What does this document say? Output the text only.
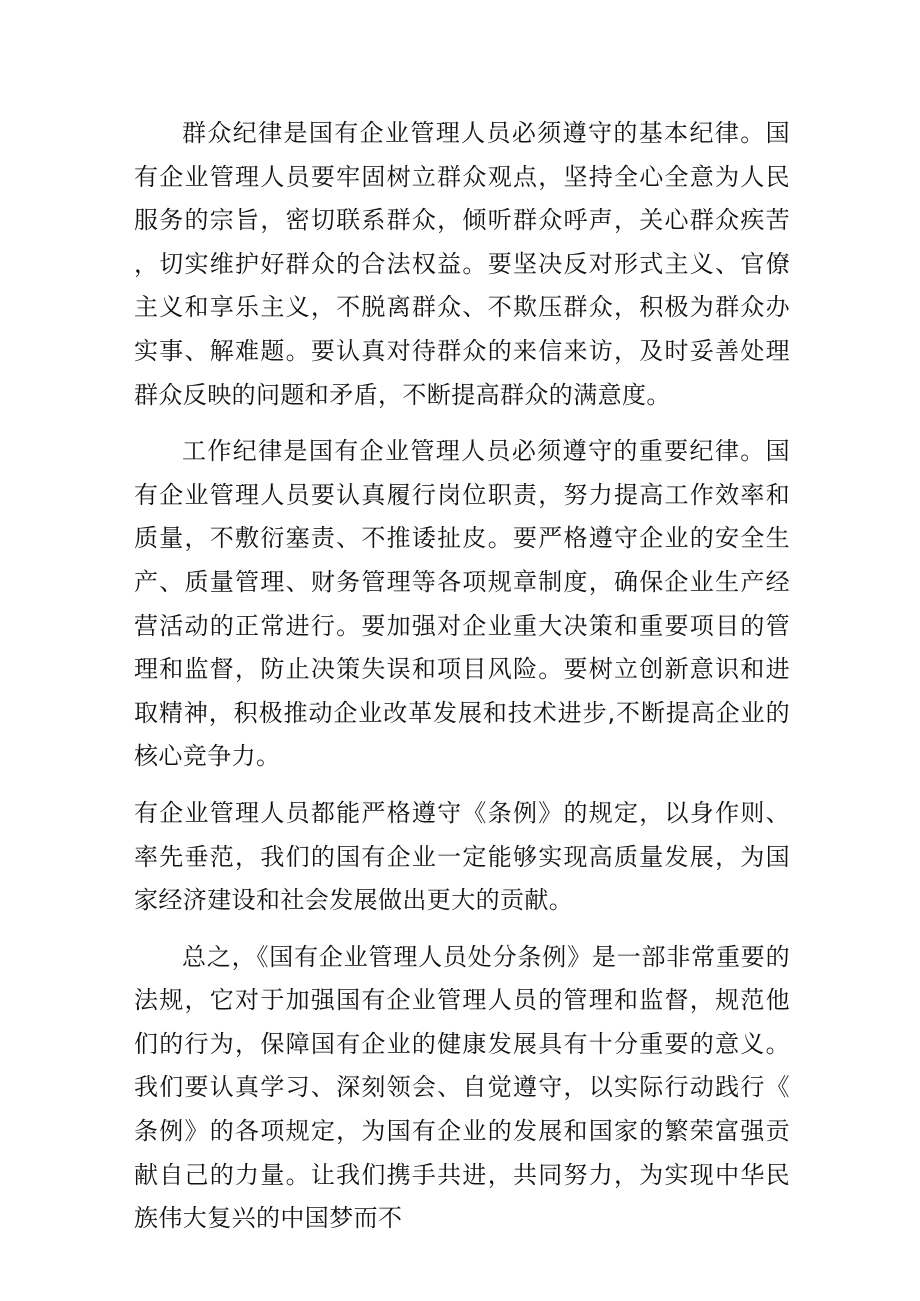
群众纪律是国有企业管理人员必须遵守的基本纪律。国有企业管理人员要牢固树立群众观点，坚持全心全意为人民服务的宗旨，密切联系群众，倾听群众呼声，关心群众疾苦，切实维护好群众的合法权益。要坚决反对形式主义、官僚主义和享乐主义，不脱离群众、不欺压群众，积极为群众办实事、解难题。要认真对待群众的来信来访，及时妥善处理群众反映的问题和矛盾，不断提高群众的满意度。

工作纪律是国有企业管理人员必须遵守的重要纪律。国有企业管理人员要认真履行岗位职责，努力提高工作效率和质量，不敷衍塞责、不推诿扯皮。要严格遵守企业的安全生产、质量管理、财务管理等各项规章制度，确保企业生产经营活动的正常进行。要加强对企业重大决策和重要项目的管理和监督，防止决策失误和项目风险。要树立创新意识和进取精神，积极推动企业改革发展和技术进步,不断提高企业的核心竞争力。

有企业管理人员都能严格遵守《条例》的规定，以身作则、率先垂范，我们的国有企业一定能够实现高质量发展，为国家经济建设和社会发展做出更大的贡献。

总之，《国有企业管理人员处分条例》是一部非常重要的法规，它对于加强国有企业管理人员的管理和监督，规范他们的行为，保障国有企业的健康发展具有十分重要的意义。我们要认真学习、深刻领会、自觉遵守，以实际行动践行《条例》的各项规定，为国有企业的发展和国家的繁荣富强贡献自己的力量。让我们携手共进，共同努力，为实现中华民族伟大复兴的中国梦而不
